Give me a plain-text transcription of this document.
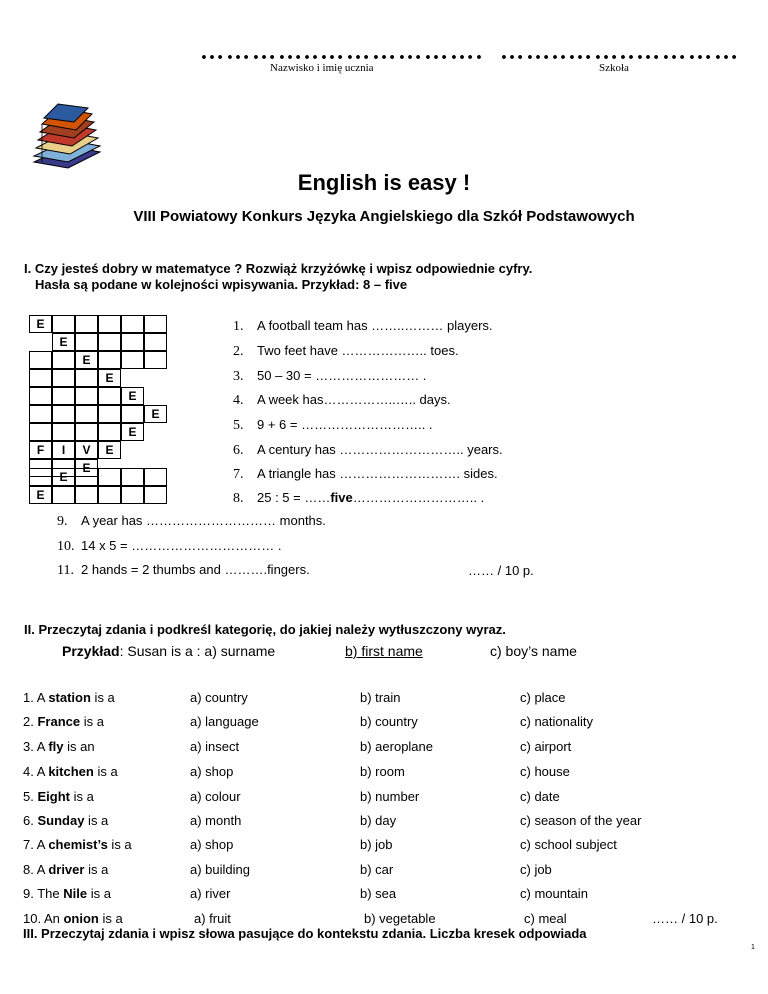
…………..………………. ……..……..…………
Nazwisko i imię ucznia	Szkoła
English is easy !
VIII Powiatowy Konkurs Języka Angielskiego dla Szkół Podstawowych
I. Czy jesteś dobry w matematyce ? Rozwiąż krzyżówkę i wpisz odpowiednie cyfry.
Hasła są podane w kolejności wpisywania. Przykład: 8 – five
E
E
E
E
E
E
E
F	I	V	E
E
E
E
1. A football team has ……..……… players.
2. Two feet have ……………….. toes.
3. 50 – 30 = …………………… .
4. A week has……………..….. days.
5. 9 + 6 = ……………………….. .
6. A century has ……………………….. years.
7. A triangle has ………………………. sides.
8. 25 : 5 = ……five……………………….. .
9. A year has ………………………… months.
10. 14 x 5 = …………………………… .
11. 2 hands = 2 thumbs and ……….fingers.	…… / 10 p.
II. Przeczytaj zdania i podkreśl kategorię, do jakiej należy wytłuszczony wyraz.
Przykład: Susan is a : a) surname	b) first name	c) boy’s name
1. A station is a	a) country	b) train	c) place
2. France is a	a) language	b) country	c) nationality
3. A fly is an	a) insect	b) aeroplane	c) airport
4. A kitchen is a	a) shop	b) room	c) house
5. Eight is a	a) colour	b) number	c) date
6. Sunday is a	a) month	b) day	c) season of the year
7. A chemist’s is a	a) shop	b) job	c) school subject
8. A driver is a	a) building	b) car	c) job
9. The Nile is a	a) river	b) sea	c) mountain
10. An onion is a	a) fruit	b) vegetable	c) meal	…… / 10 p.
III. Przeczytaj zdania i wpisz słowa pasujące do kontekstu zdania. Liczba kresek odpowiada
1
